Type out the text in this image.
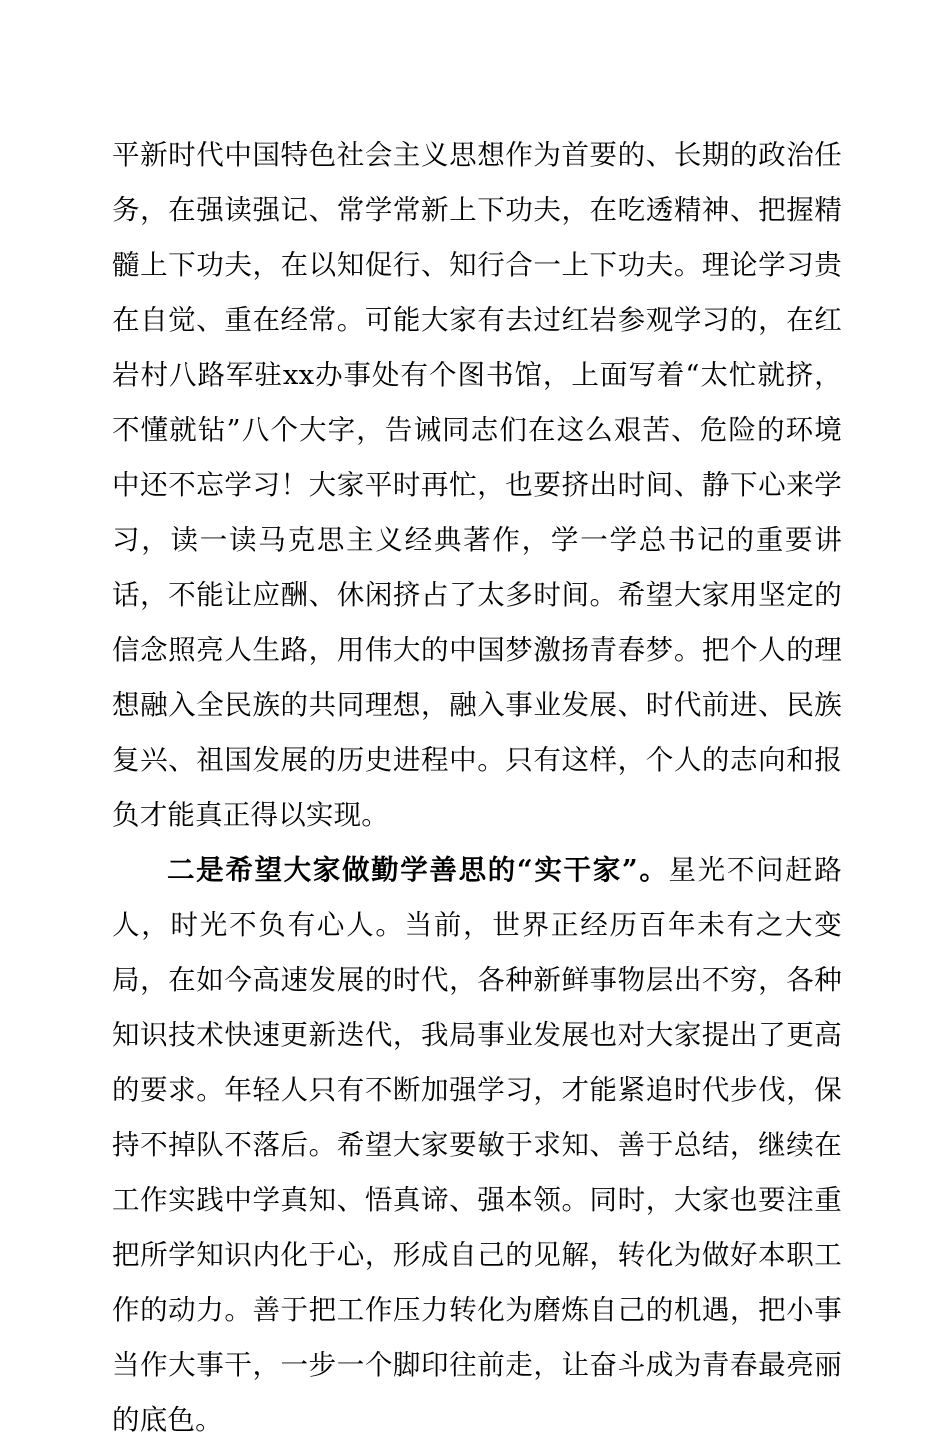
平新时代中国特色社会主义思想作为首要的、长期的政治任务，在强读强记、常学常新上下功夫，在吃透精神、把握精髓上下功夫，在以知促行、知行合一上下功夫。理论学习贵在自觉、重在经常。可能大家有去过红岩参观学习的，在红岩村八路军驻xx办事处有个图书馆，上面写着“太忙就挤，不懂就钻”八个大字，告诫同志们在这么艰苦、危险的环境中还不忘学习！大家平时再忙，也要挤出时间、静下心来学习，读一读马克思主义经典著作，学一学总书记的重要讲话，不能让应酬、休闲挤占了太多时间。希望大家用坚定的信念照亮人生路，用伟大的中国梦激扬青春梦。把个人的理想融入全民族的共同理想，融入事业发展、时代前进、民族复兴、祖国发展的历史进程中。只有这样，个人的志向和报负才能真正得以实现。

二是希望大家做勤学善思的“实干家”。星光不问赶路人，时光不负有心人。当前，世界正经历百年未有之大变局，在如今高速发展的时代，各种新鲜事物层出不穷，各种知识技术快速更新迭代，我局事业发展也对大家提出了更高的要求。年轻人只有不断加强学习，才能紧追时代步伐，保持不掉队不落后。希望大家要敏于求知、善于总结，继续在工作实践中学真知、悟真谛、强本领。同时，大家也要注重把所学知识内化于心，形成自己的见解，转化为做好本职工作的动力。善于把工作压力转化为磨炼自己的机遇，把小事当作大事干，一步一个脚印往前走，让奋斗成为青春最亮丽的底色。
